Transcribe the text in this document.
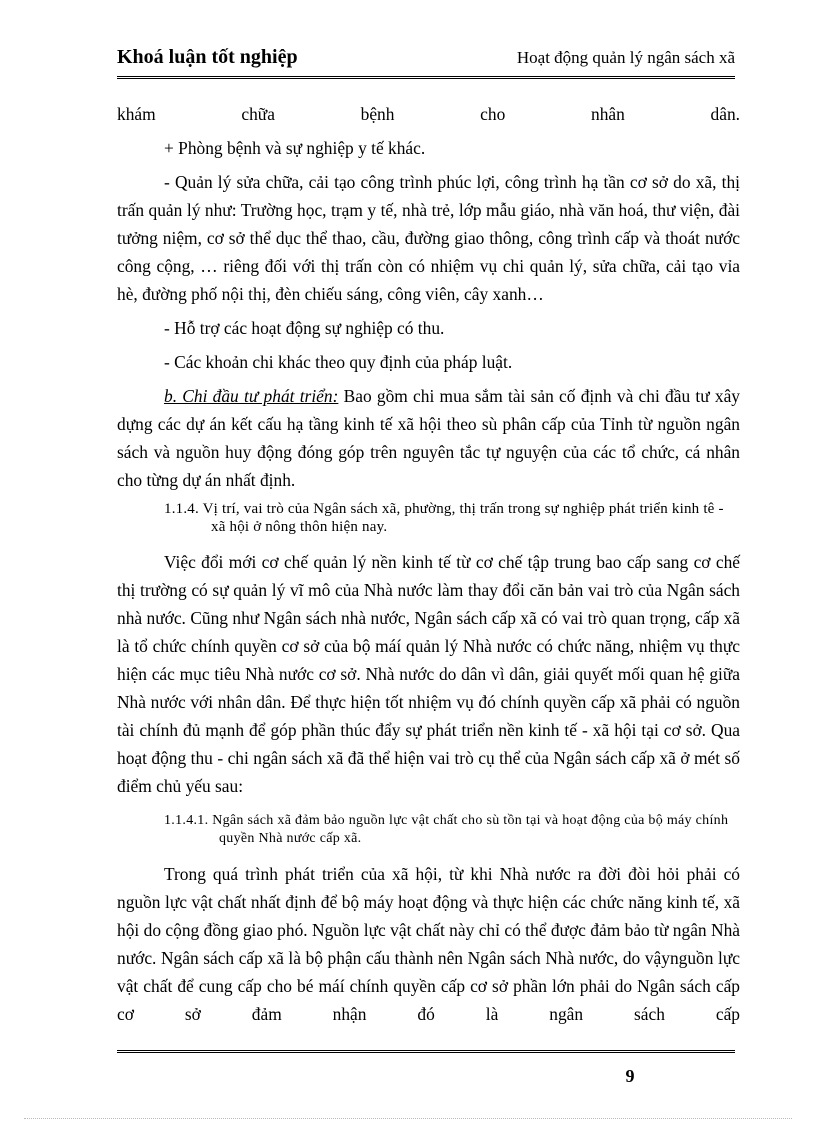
Khoá luận tốt nghiệp	Hoạt động quản lý ngân sách xã

khám chữa bệnh cho nhân dân.

+ Phòng bệnh và sự nghiệp y tế khác.

- Quản lý sửa chữa, cải tạo công trình phúc lợi, công trình hạ tần cơ sở do xã, thị trấn quản lý như: Trường học, trạm y tế, nhà trẻ, lớp mẫu giáo, nhà văn hoá, thư viện, đài tưởng niệm, cơ sở thể dục thể thao, cầu, đường giao thông, công trình cấp và thoát nước công cộng, … riêng đối với thị trấn còn có nhiệm vụ chi quản lý, sửa chữa, cải tạo vỉa hè, đường phố nội thị, đèn chiếu sáng, công viên, cây xanh…

- Hỗ trợ các hoạt động sự nghiệp có thu.

- Các khoản chi khác theo quy định của pháp luật.

b. Chi đầu tư phát triển: Bao gồm chi mua sắm tài sản cố định và chi đầu tư xây dựng các dự án kết cấu hạ tầng kinh tế xã hội theo sù phân cấp của Tỉnh từ nguồn ngân sách và nguồn huy động đóng góp trên nguyên tắc tự nguyện của các tổ chức, cá nhân cho từng dự án nhất định.

1.1.4. Vị trí, vai trò của Ngân sách xã, phường, thị trấn trong sự nghiệp phát triển kinh tê - xã hội ở nông thôn hiện nay.

Việc đổi mới cơ chế quản lý nền kinh tế từ cơ chế tập trung bao cấp sang cơ chế thị trường có sự quản lý vĩ mô của Nhà nước làm thay đổi căn bản vai trò của Ngân sách nhà nước. Cũng như Ngân sách nhà nước, Ngân sách cấp xã có vai trò quan trọng, cấp xã là tổ chức chính quyền cơ sở của bộ máí quản lý Nhà nước có chức năng, nhiệm vụ thực hiện các mục tiêu Nhà nước cơ sở. Nhà nước do dân vì dân, giải quyết mối quan hệ giữa Nhà nước với nhân dân. Để thực hiện tốt nhiệm vụ đó chính quyền cấp xã phải có nguồn tài chính đủ mạnh để góp phần thúc đẩy sự phát triển nền kinh tế - xã hội tại cơ sở. Qua hoạt động thu - chi ngân sách xã đã thể hiện vai trò cụ thể của Ngân sách cấp xã ở mét số điểm chủ yếu sau:

1.1.4.1. Ngân sách xã đảm bảo nguồn lực vật chất cho sù tồn tại và hoạt động của bộ máy chính quyền Nhà nước cấp xã.

Trong quá trình phát triển của xã hội, từ khi Nhà nước ra đời đòi hỏi phải có nguồn lực vật chất nhất định để bộ máy hoạt động và thực hiện các chức năng kinh tế, xã hội do cộng đồng giao phó. Nguồn lực vật chất này chỉ có thể được đảm bảo từ ngân Nhà nước. Ngân sách cấp xã là bộ phận cấu thành nên Ngân sách Nhà nước, do vậynguồn lực vật chất để cung cấp cho bé máí chính quyền cấp cơ sở phần lớn phải do Ngân sách cấp cơ sở đảm nhận đó là ngân sách cấp

9
